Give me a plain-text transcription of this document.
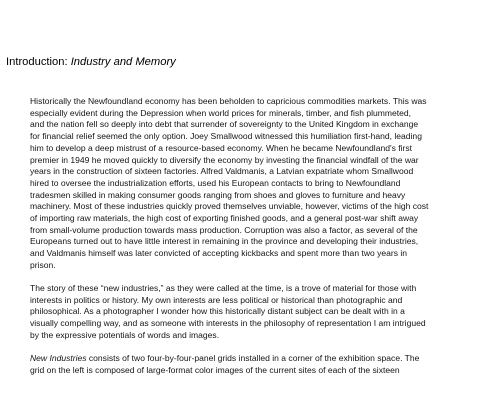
Introduction: Industry and Memory
Historically the Newfoundland economy has been beholden to capricious commodities markets. This was
especially evident during the Depression when world prices for minerals, timber, and fish plummeted,
and the nation fell so deeply into debt that surrender of sovereignty to the United Kingdom in exchange
for financial relief seemed the only option. Joey Smallwood witnessed this humiliation first-hand, leading
him to develop a deep mistrust of a resource-based economy. When he became Newfoundland's first
premier in 1949 he moved quickly to diversify the economy by investing the financial windfall of the war
years in the construction of sixteen factories. Alfred Valdmanis, a Latvian expatriate whom Smallwood
hired to oversee the industrialization efforts, used his European contacts to bring to Newfoundland
tradesmen skilled in making consumer goods ranging from shoes and gloves to furniture and heavy
machinery. Most of these industries quickly proved themselves unviable, however, victims of the high cost
of importing raw materials, the high cost of exporting finished goods, and a general post-war shift away
from small-volume production towards mass production. Corruption was also a factor, as several of the
Europeans turned out to have little interest in remaining in the province and developing their industries,
and Valdmanis himself was later convicted of accepting kickbacks and spent more than two years in
prison.
The story of these “new industries,” as they were called at the time, is a trove of material for those with
interests in politics or history. My own interests are less political or historical than photographic and
philosophical. As a photographer I wonder how this historically distant subject can be dealt with in a
visually compelling way, and as someone with interests in the philosophy of representation I am intrigued
by the expressive potentials of words and images.
New Industries consists of two four-by-four-panel grids installed in a corner of the exhibition space. The
grid on the left is composed of large-format color images of the current sites of each of the sixteen
